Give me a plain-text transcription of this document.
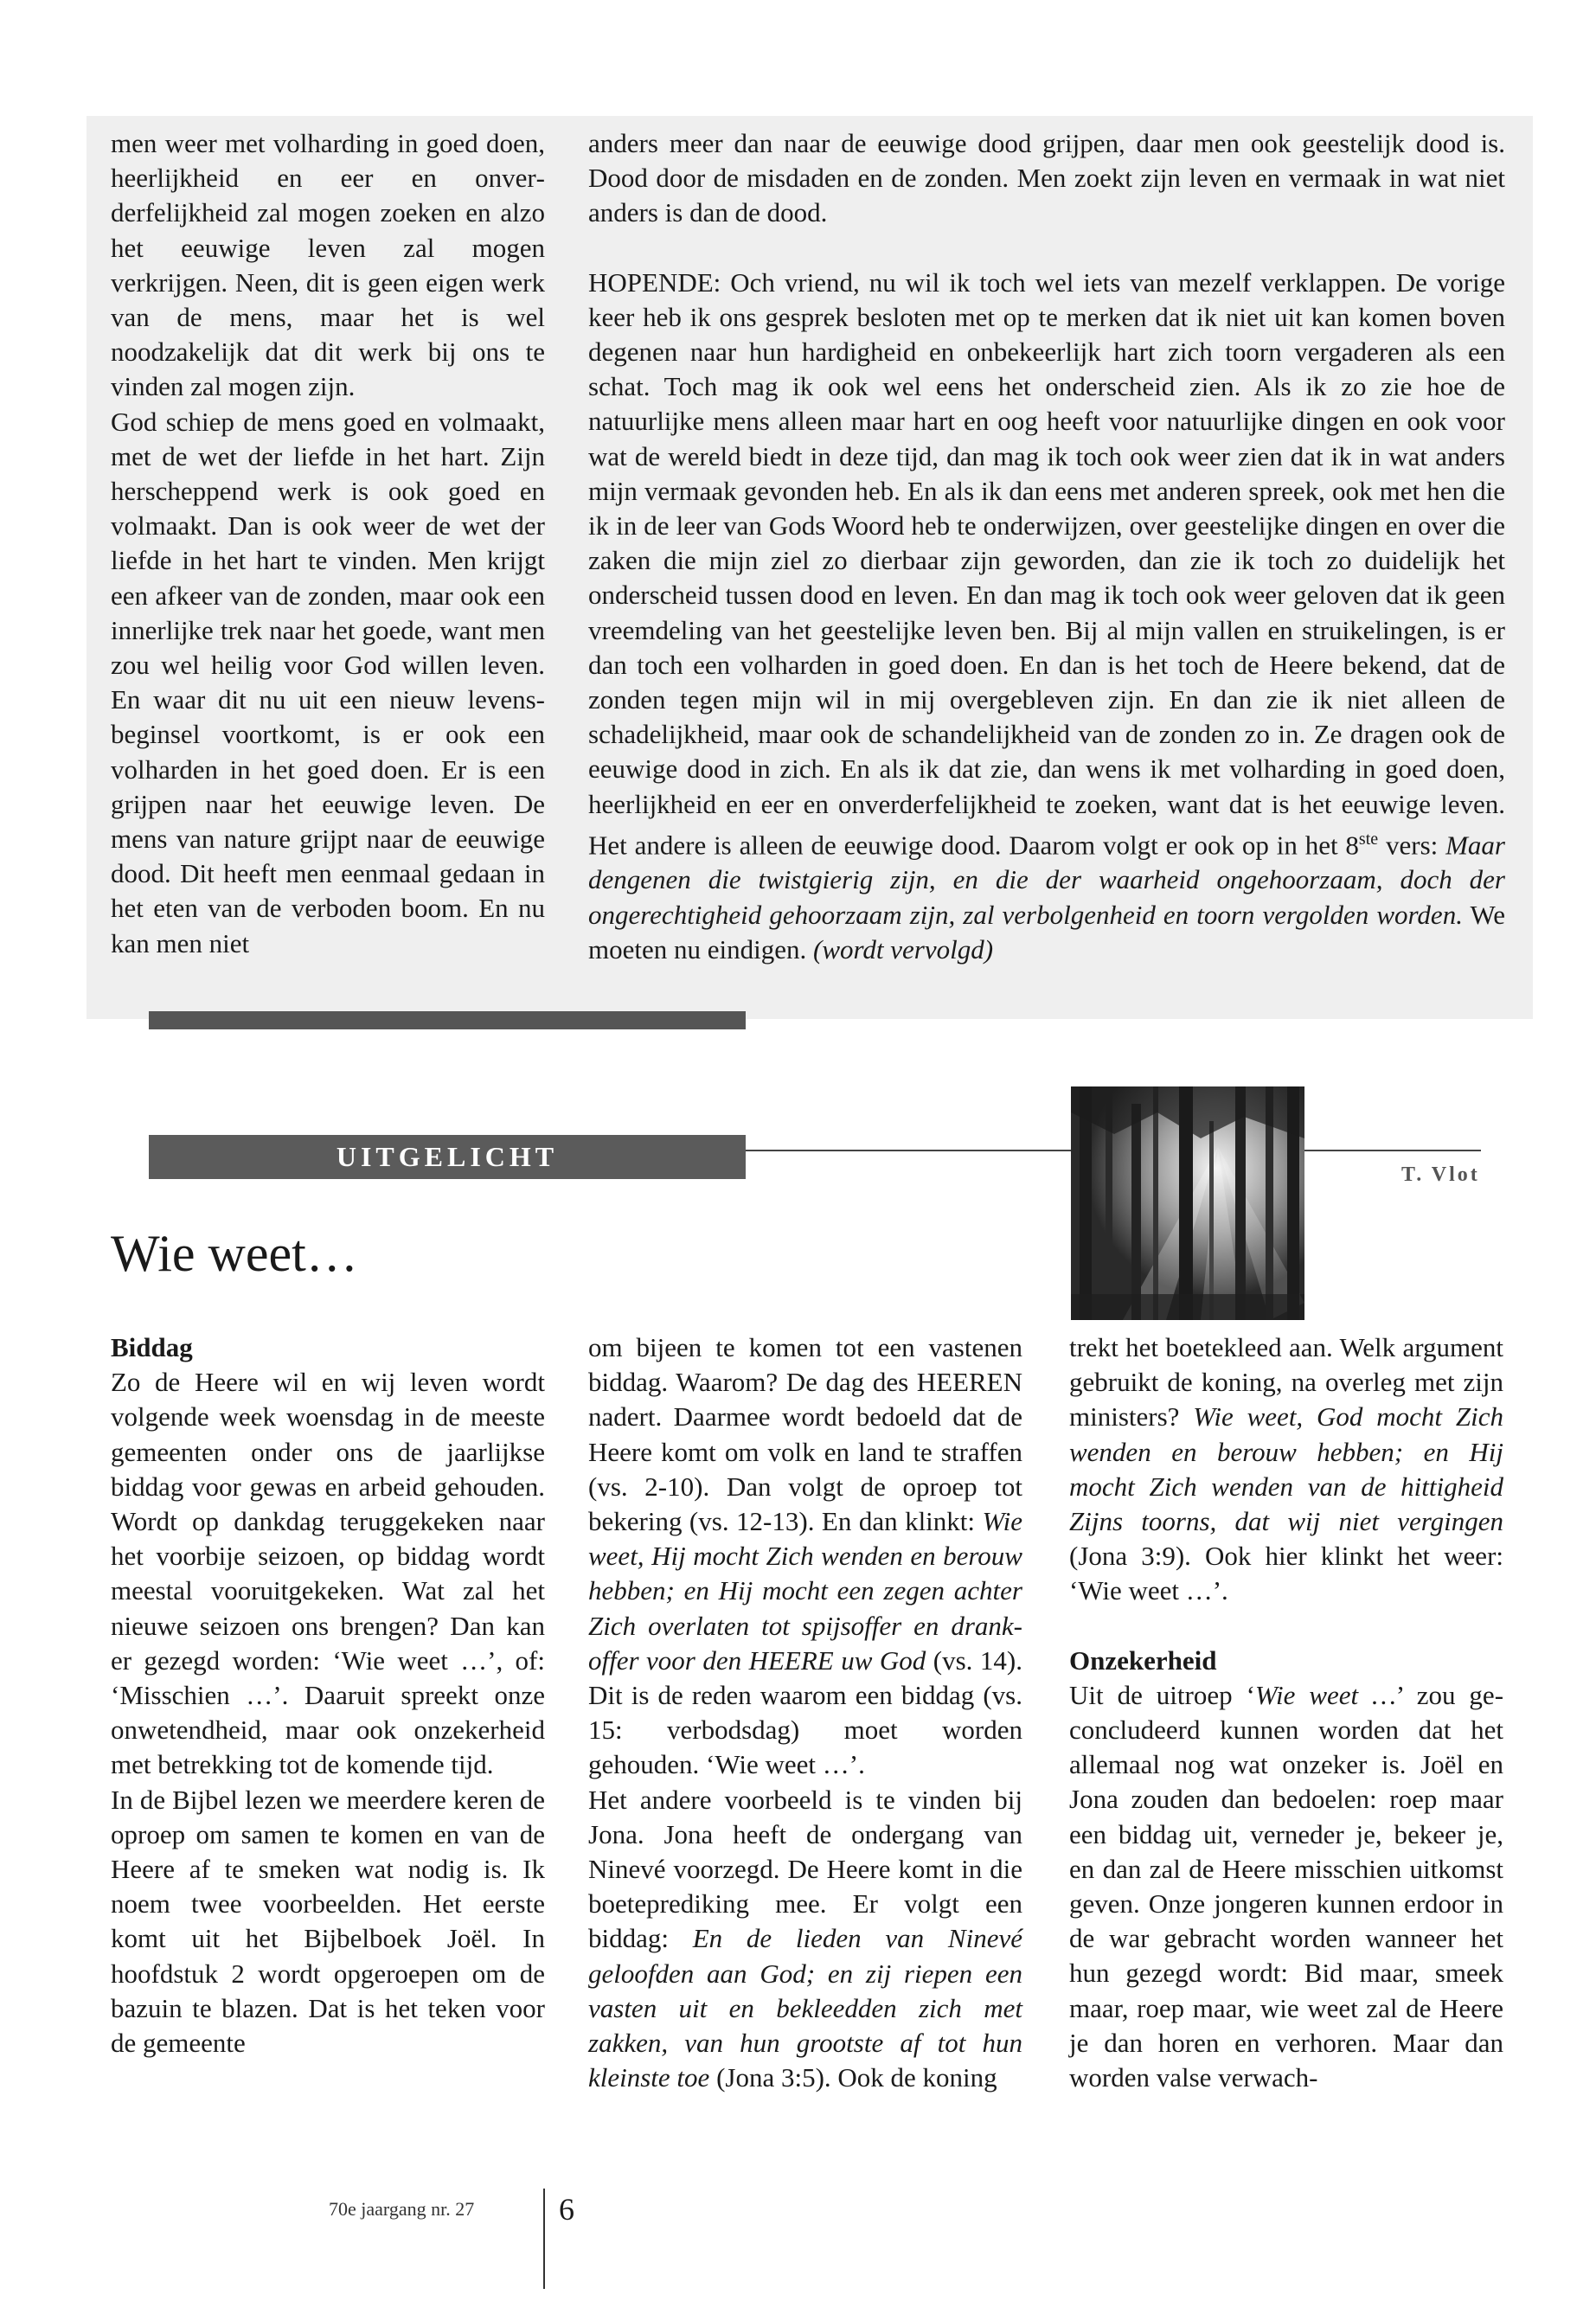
men weer met volharding in goed doen, heerlijkheid en eer en onverderfelijkheid zal mogen zoeken en alzo het eeuwige leven zal mogen verkrijgen. Neen, dit is geen eigen werk van de mens, maar het is wel noodzakelijk dat dit werk bij ons te vinden zal mogen zijn.

God schiep de mens goed en volmaakt, met de wet der liefde in het hart. Zijn herscheppend werk is ook goed en volmaakt. Dan is ook weer de wet der liefde in het hart te vinden. Men krijgt een afkeer van de zonden, maar ook een innerlijke trek naar het goede, want men zou wel heilig voor God willen leven. En waar dit nu uit een nieuw levensbeginsel voortkomt, is er ook een volharden in het goed doen. Er is een grijpen naar het eeuwige leven. De mens van nature grijpt naar de eeuwige dood. Dit heeft men eenmaal gedaan in het eten van de verboden boom. En nu kan men niet

anders meer dan naar de eeuwige dood grijpen, daar men ook geestelijk dood is. Dood door de misdaden en de zonden. Men zoekt zijn leven en vermaak in wat niet anders is dan de dood.

HOPENDE: Och vriend, nu wil ik toch wel iets van mezelf verklappen. De vorige keer heb ik ons gesprek besloten met op te merken dat ik niet uit kan komen boven degenen naar hun hardigheid en onbekeerlijk hart zich toorn vergaderen als een schat. Toch mag ik ook wel eens het onderscheid zien. Als ik zo zie hoe de natuurlijke mens alleen maar hart en oog heeft voor natuurlijke dingen en ook voor wat de wereld biedt in deze tijd, dan mag ik toch ook weer zien dat ik in wat anders mijn vermaak gevonden heb. En als ik dan eens met anderen spreek, ook met hen die ik in de leer van Gods Woord heb te onderwijzen, over geestelijke dingen en over die zaken die mijn ziel zo dierbaar zijn geworden, dan zie ik toch zo duidelijk het onderscheid tussen dood en leven. En dan mag ik toch ook weer geloven dat ik geen vreemdeling van het geestelijke leven ben. Bij al mijn vallen en struikelingen, is er dan toch een volharden in goed doen. En dan is het toch de Heere bekend, dat de zonden tegen mijn wil in mij overgebleven zijn. En dan zie ik niet alleen de schadelijkheid, maar ook de schandelijkheid van de zonden zo in. Ze dragen ook de eeuwige dood in zich. En als ik dat zie, dan wens ik met volharding in goed doen, heerlijkheid en eer en onverderfelijkheid te zoeken, want dat is het eeuwige leven. Het andere is alleen de eeuwige dood. Daarom volgt er ook op in het 8ste vers: Maar dengenen die twistgierig zijn, en die der waarheid ongehoorzaam, doch der ongerechtigheid gehoorzaam zijn, zal verbolgenheid en toorn vergolden worden. We moeten nu eindigen. (wordt vervolgd)

UITGELICHT
T. Vlot
Wie weet…

Biddag

Zo de Heere wil en wij leven wordt volgende week woensdag in de meeste gemeenten onder ons de jaarlijkse biddag voor gewas en arbeid gehouden. Wordt op dankdag teruggekeken naar het voorbije seizoen, op biddag wordt meestal vooruitgekeken. Wat zal het nieuwe seizoen ons brengen? Dan kan er gezegd worden: ‘Wie weet …’, of: ‘Misschien …’. Daaruit spreekt onze onwetendheid, maar ook onzekerheid met betrekking tot de komende tijd.

In de Bijbel lezen we meerdere keren de oproep om samen te komen en van de Heere af te smeken wat nodig is. Ik noem twee voorbeelden. Het eerste komt uit het Bijbelboek Joël. In hoofdstuk 2 wordt opgeroepen om de bazuin te blazen. Dat is het teken voor de gemeente

om bijeen te komen tot een vastenen biddag. Waarom? De dag des HEEREN nadert. Daarmee wordt bedoeld dat de Heere komt om volk en land te straffen (vs. 2-10). Dan volgt de oproep tot bekering (vs. 12-13). En dan klinkt: Wie weet, Hij mocht Zich wenden en berouw hebben; en Hij mocht een zegen achter Zich overlaten tot spijsoffer en drankoffer voor den HEERE uw God (vs. 14). Dit is de reden waarom een biddag (vs. 15: verbodsdag) moet worden gehouden. ‘Wie weet …’.

Het andere voorbeeld is te vinden bij Jona. Jona heeft de ondergang van Ninevé voorzegd. De Heere komt in die boeteprediking mee. Er volgt een biddag: En de lieden van Ninevé geloofden aan God; en zij riepen een vasten uit en bekleedden zich met zakken, van hun grootste af tot hun kleinste toe (Jona 3:5). Ook de koning

trekt het boetekleed aan. Welk argument gebruikt de koning, na overleg met zijn ministers? Wie weet, God mocht Zich wenden en berouw hebben; en Hij mocht Zich wenden van de hittigheid Zijns toorns, dat wij niet vergingen (Jona 3:9). Ook hier klinkt het weer: ‘Wie weet …’.

Onzekerheid

Uit de uitroep ‘Wie weet …’ zou geconcludeerd kunnen worden dat het allemaal nog wat onzeker is. Joël en Jona zouden dan bedoelen: roep maar een biddag uit, verneder je, bekeer je, en dan zal de Heere misschien uitkomst geven. Onze jongeren kunnen erdoor in de war gebracht worden wanneer het hun gezegd wordt: Bid maar, smeek maar, roep maar, wie weet zal de Heere je dan horen en verhoren. Maar dan worden valse verwach-

70e jaargang nr. 27	6
